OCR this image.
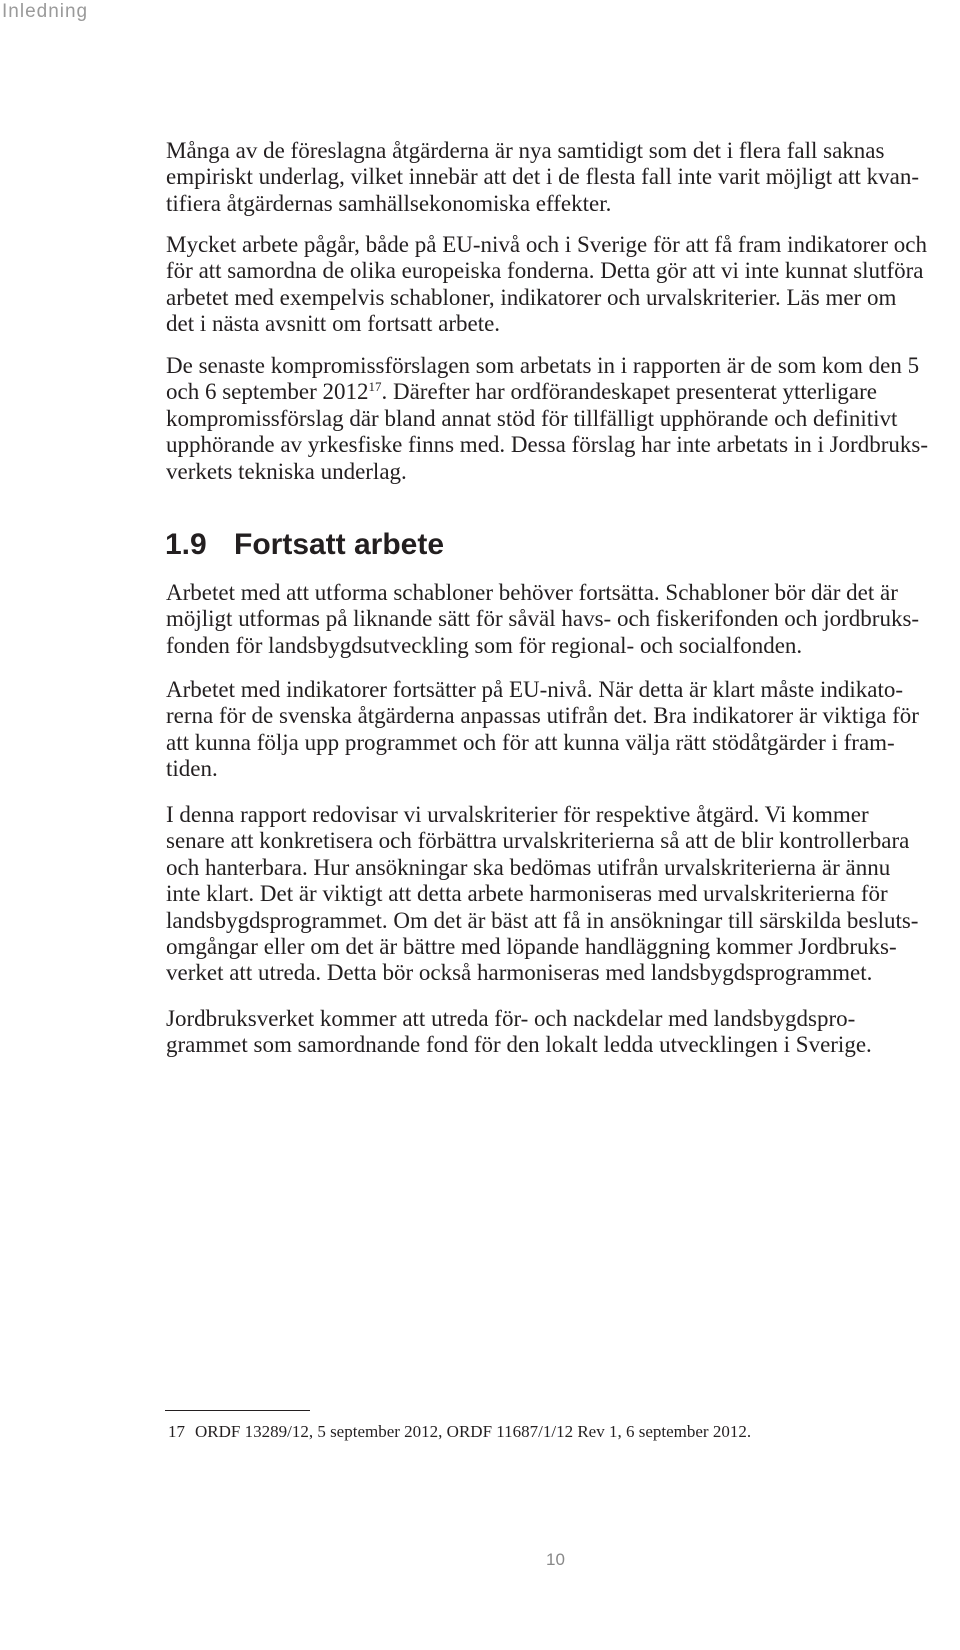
Inledning
Många av de föreslagna åtgärderna är nya samtidigt som det i flera fall saknas
empiriskt underlag, vilket innebär att det i de flesta fall inte varit möjligt att kvan-
tifiera åtgärdernas samhällsekonomiska effekter.
Mycket arbete pågår, både på EU-nivå och i Sverige för att få fram indikatorer och
för att samordna de olika europeiska fonderna. Detta gör att vi inte kunnat slutföra
arbetet med exempelvis schabloner, indikatorer och urvalskriterier. Läs mer om
det i nästa avsnitt om fortsatt arbete.
De senaste kompromissförslagen som arbetats in i rapporten är de som kom den 5
och 6 september 2012$^{17}$. Därefter har ordförandeskapet presenterat ytterligare
kompromissförslag där bland annat stöd för tillfälligt upphörande och definitivt
upphörande av yrkesfiske finns med. Dessa förslag har inte arbetats in i Jordbruks-
verkets tekniska underlag.
1.9 Fortsatt arbete
Arbetet med att utforma schabloner behöver fortsätta. Schabloner bör där det är
möjligt utformas på liknande sätt för såväl havs- och fiskerifonden och jordbruks-
fonden för landsbygdsutveckling som för regional- och socialfonden.
Arbetet med indikatorer fortsätter på EU-nivå. När detta är klart måste indikato-
rerna för de svenska åtgärderna anpassas utifrån det. Bra indikatorer är viktiga för
att kunna följa upp programmet och för att kunna välja rätt stödåtgärder i fram-
tiden.
I denna rapport redovisar vi urvalskriterier för respektive åtgärd. Vi kommer
senare att konkretisera och förbättra urvalskriterierna så att de blir kontrollerbara
och hanterbara. Hur ansökningar ska bedömas utifrån urvalskriterierna är ännu
inte klart. Det är viktigt att detta arbete harmoniseras med urvalskriterierna för
landsbygdsprogrammet. Om det är bäst att få in ansökningar till särskilda besluts-
omgångar eller om det är bättre med löpande handläggning kommer Jordbruks-
verket att utreda. Detta bör också harmoniseras med landsbygdsprogrammet.
Jordbruksverket kommer att utreda för- och nackdelar med landsbygdspro-
grammet som samordnande fond för den lokalt ledda utvecklingen i Sverige.
17 ORDF 13289/12, 5 september 2012, ORDF 11687/1/12 Rev 1, 6 september 2012.
10
